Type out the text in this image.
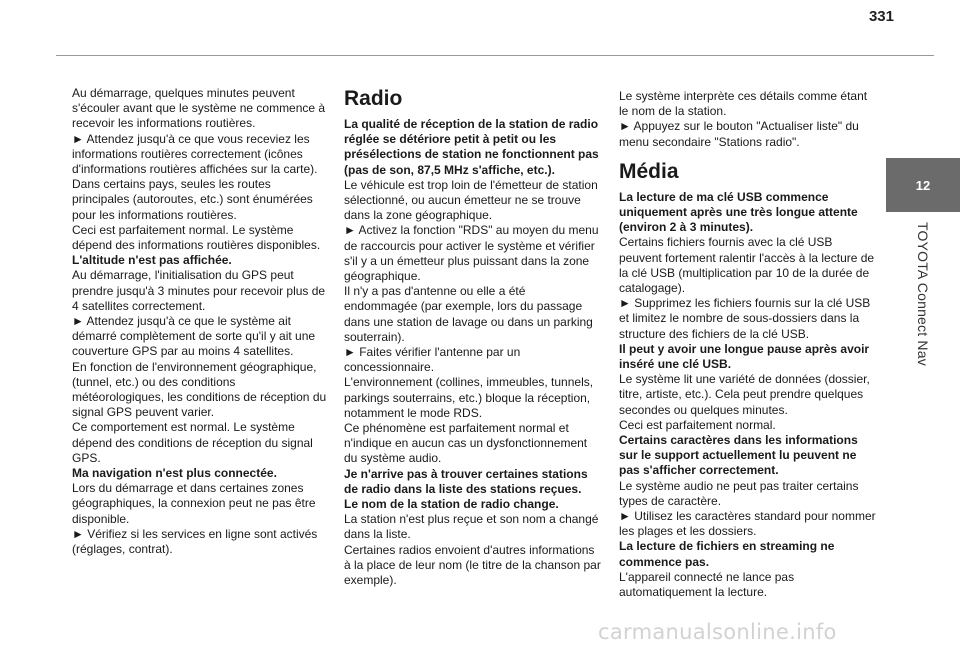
331
12
TOYOTA Connect Nav

Au démarrage, quelques minutes peuvent s'écouler avant que le système ne commence à recevoir les informations routières.

► Attendez jusqu'à ce que vous receviez les informations routières correctement (icônes d'informations routières affichées sur la carte).

Dans certains pays, seules les routes principales (autoroutes, etc.) sont énumérées pour les informations routières.

Ceci est parfaitement normal. Le système dépend des informations routières disponibles.

L'altitude n'est pas affichée.

Au démarrage, l'initialisation du GPS peut prendre jusqu'à 3 minutes pour recevoir plus de 4 satellites correctement.

► Attendez jusqu'à ce que le système ait démarré complètement de sorte qu'il y ait une couverture GPS par au moins 4 satellites.

En fonction de l'environnement géographique, (tunnel, etc.) ou des conditions météorologiques, les conditions de réception du signal GPS peuvent varier.

Ce comportement est normal. Le système dépend des conditions de réception du signal GPS.

Ma navigation n'est plus connectée.

Lors du démarrage et dans certaines zones géographiques, la connexion peut ne pas être disponible.

► Vérifiez si les services en ligne sont activés (réglages, contrat).

Radio

La qualité de réception de la station de radio réglée se détériore petit à petit ou les présélections de station ne fonctionnent pas (pas de son, 87,5 MHz s'affiche, etc.).

Le véhicule est trop loin de l'émetteur de station sélectionné, ou aucun émetteur ne se trouve dans la zone géographique.

► Activez la fonction "RDS" au moyen du menu de raccourcis pour activer le système et vérifier s'il y a un émetteur plus puissant dans la zone géographique.

Il n'y a pas d'antenne ou elle a été endommagée (par exemple, lors du passage dans une station de lavage ou dans un parking souterrain).

► Faites vérifier l'antenne par un concessionnaire.

L'environnement (collines, immeubles, tunnels, parkings souterrains, etc.) bloque la réception, notamment le mode RDS.

Ce phénomène est parfaitement normal et n'indique en aucun cas un dysfonctionnement du système audio.

Je n'arrive pas à trouver certaines stations de radio dans la liste des stations reçues.

Le nom de la station de radio change.

La station n'est plus reçue et son nom a changé dans la liste.

Certaines radios envoient d'autres informations à la place de leur nom (le titre de la chanson par exemple).

Le système interprète ces détails comme étant le nom de la station.

► Appuyez sur le bouton "Actualiser liste" du menu secondaire "Stations radio".

Média

La lecture de ma clé USB commence uniquement après une très longue attente (environ 2 à 3 minutes).

Certains fichiers fournis avec la clé USB peuvent fortement ralentir l'accès à la lecture de la clé USB (multiplication par 10 de la durée de catalogage).

► Supprimez les fichiers fournis sur la clé USB et limitez le nombre de sous-dossiers dans la structure des fichiers de la clé USB.

Il peut y avoir une longue pause après avoir inséré une clé USB.

Le système lit une variété de données (dossier, titre, artiste, etc.). Cela peut prendre quelques secondes ou quelques minutes.

Ceci est parfaitement normal.

Certains caractères dans les informations sur le support actuellement lu peuvent ne pas s'afficher correctement.

Le système audio ne peut pas traiter certains types de caractère.

► Utilisez les caractères standard pour nommer les plages et les dossiers.

La lecture de fichiers en streaming ne commence pas.

L'appareil connecté ne lance pas automatiquement la lecture.

carmanualsonline.info
